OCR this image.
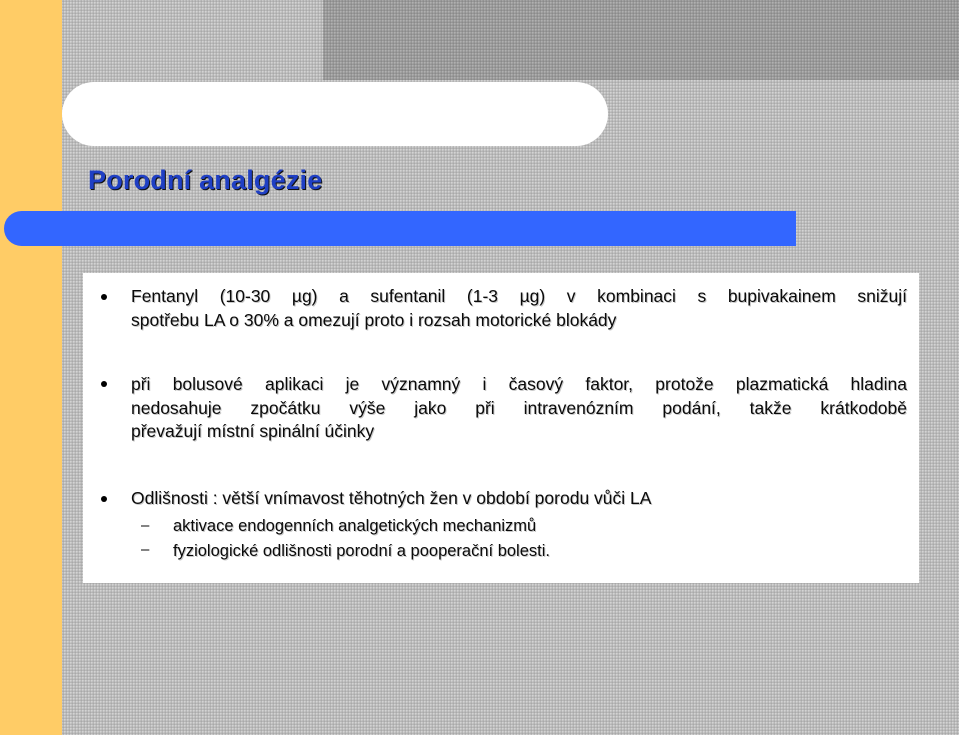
Porodní analgézie
Fentanyl (10-30 µg) a sufentanil (1-3 µg) v kombinaci s bupivakainem snižují
spotřebu LA o 30% a omezují proto i rozsah motorické blokády
při bolusové aplikaci je významný i časový faktor, protože plazmatická hladina
nedosahuje zpočátku výše jako při intravenózním podání, takže krátkodobě
převažují místní spinální účinky
Odlišnosti : větší vnímavost těhotných žen v období porodu vůči LA
– aktivace endogenních analgetických mechanizmů
– fyziologické odlišnosti porodní a pooperační bolesti.
